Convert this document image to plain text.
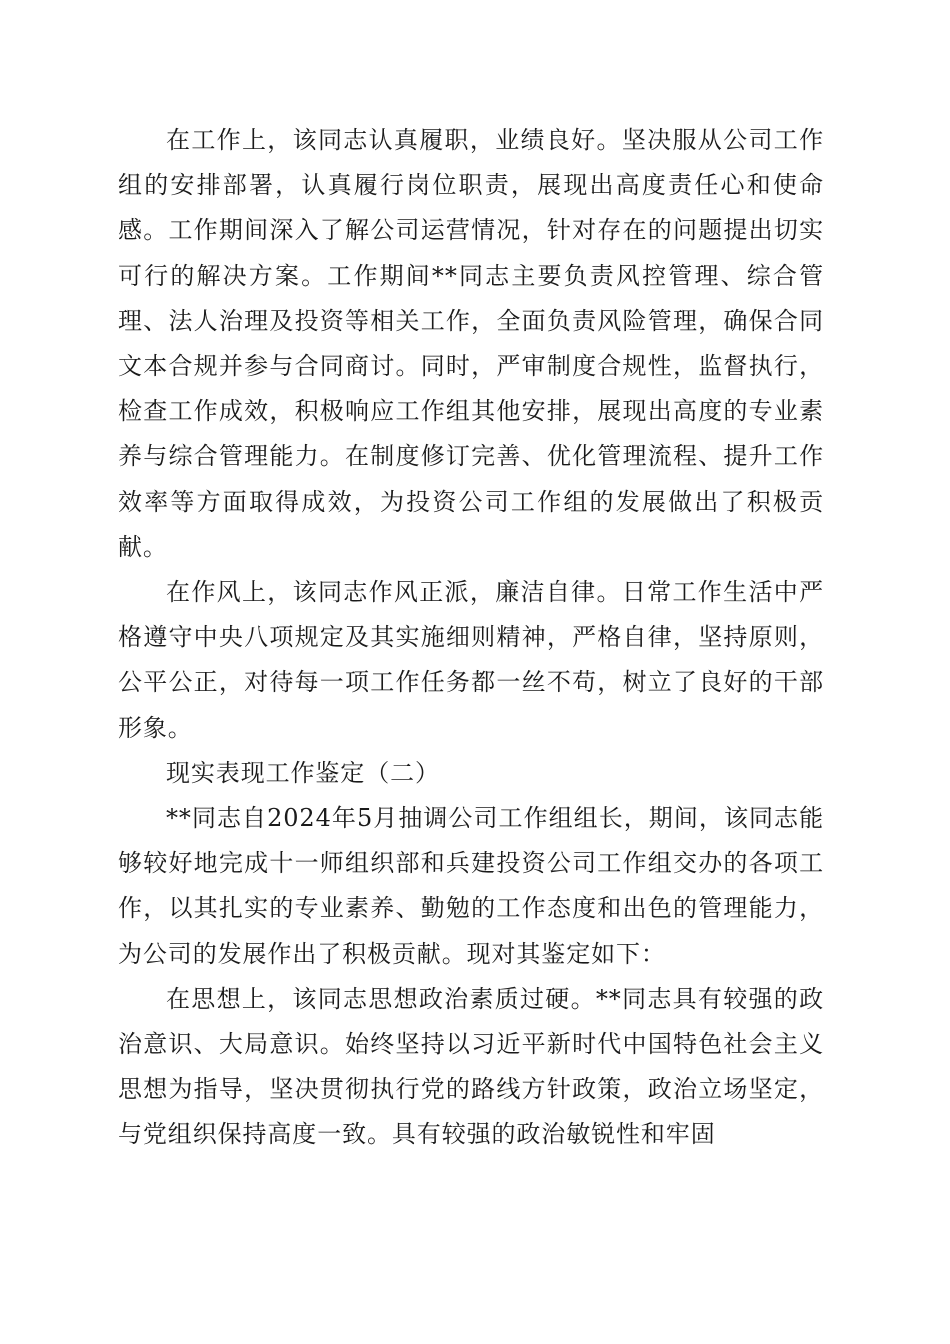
在工作上，该同志认真履职，业绩良好。坚决服从公司工作组的安排部署，认真履行岗位职责，展现出高度责任心和使命感。工作期间深入了解公司运营情况，针对存在的问题提出切实可行的解决方案。工作期间**同志主要负责风控管理、综合管理、法人治理及投资等相关工作，全面负责风险管理，确保合同文本合规并参与合同商讨。同时，严审制度合规性，监督执行，检查工作成效，积极响应工作组其他安排，展现出高度的专业素养与综合管理能力。在制度修订完善、优化管理流程、提升工作效率等方面取得成效，为投资公司工作组的发展做出了积极贡献。

在作风上，该同志作风正派，廉洁自律。日常工作生活中严格遵守中央八项规定及其实施细则精神，严格自律，坚持原则，公平公正，对待每一项工作任务都一丝不苟，树立了良好的干部形象。

现实表现工作鉴定（二）

**同志自2024年5月抽调公司工作组组长，期间，该同志能够较好地完成十一师组织部和兵建投资公司工作组交办的各项工作，以其扎实的专业素养、勤勉的工作态度和出色的管理能力，为公司的发展作出了积极贡献。现对其鉴定如下：

在思想上，该同志思想政治素质过硬。**同志具有较强的政治意识、大局意识。始终坚持以习近平新时代中国特色社会主义思想为指导，坚决贯彻执行党的路线方针政策，政治立场坚定，与党组织保持高度一致。具有较强的政治敏锐性和牢固
